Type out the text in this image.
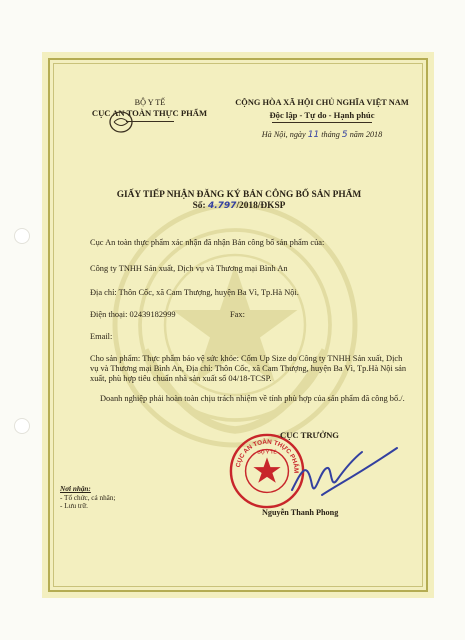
BỘ Y TẾ
CỤC AN TOÀN THỰC PHẨM
CỘNG HÒA XÃ HỘI CHỦ NGHĨA VIỆT NAM
Độc lập - Tự do - Hạnh phúc
Hà Nội, ngày 11 tháng 5 năm 2018
GIẤY TIẾP NHẬN ĐĂNG KÝ BẢN CÔNG BỐ SẢN PHẨM
Số: 4.797/2018/ĐKSP
Cục An toàn thực phẩm xác nhận đã nhận Bản công bố sản phẩm của:
Công ty TNHH Sản xuất, Dịch vụ và Thương mại Bình An
Địa chỉ: Thôn Cốc, xã Cam Thượng, huyện Ba Vì, Tp.Hà Nội.
Điện thoại: 02439182999	Fax:
Email:
Cho sản phẩm: Thực phẩm bảo vệ sức khỏe: Cốm Up Size do Công ty TNHH Sản xuất, Dịch vụ và Thương mại Bình An, Địa chỉ: Thôn Cốc, xã Cam Thượng, huyện Ba Vì, Tp.Hà Nội sản xuất, phù hợp tiêu chuẩn nhà sản xuất số 04/18-TCSP.
Doanh nghiệp phải hoàn toàn chịu trách nhiệm về tính phù hợp của sản phẩm đã công bố./.
Nơi nhận:
- Tổ chức, cá nhân;
- Lưu trữ.
CỤC AN TOÀN THỰC PHẨM
BỘ Y TẾ
CỤC TRƯỞNG
Nguyễn Thanh Phong
